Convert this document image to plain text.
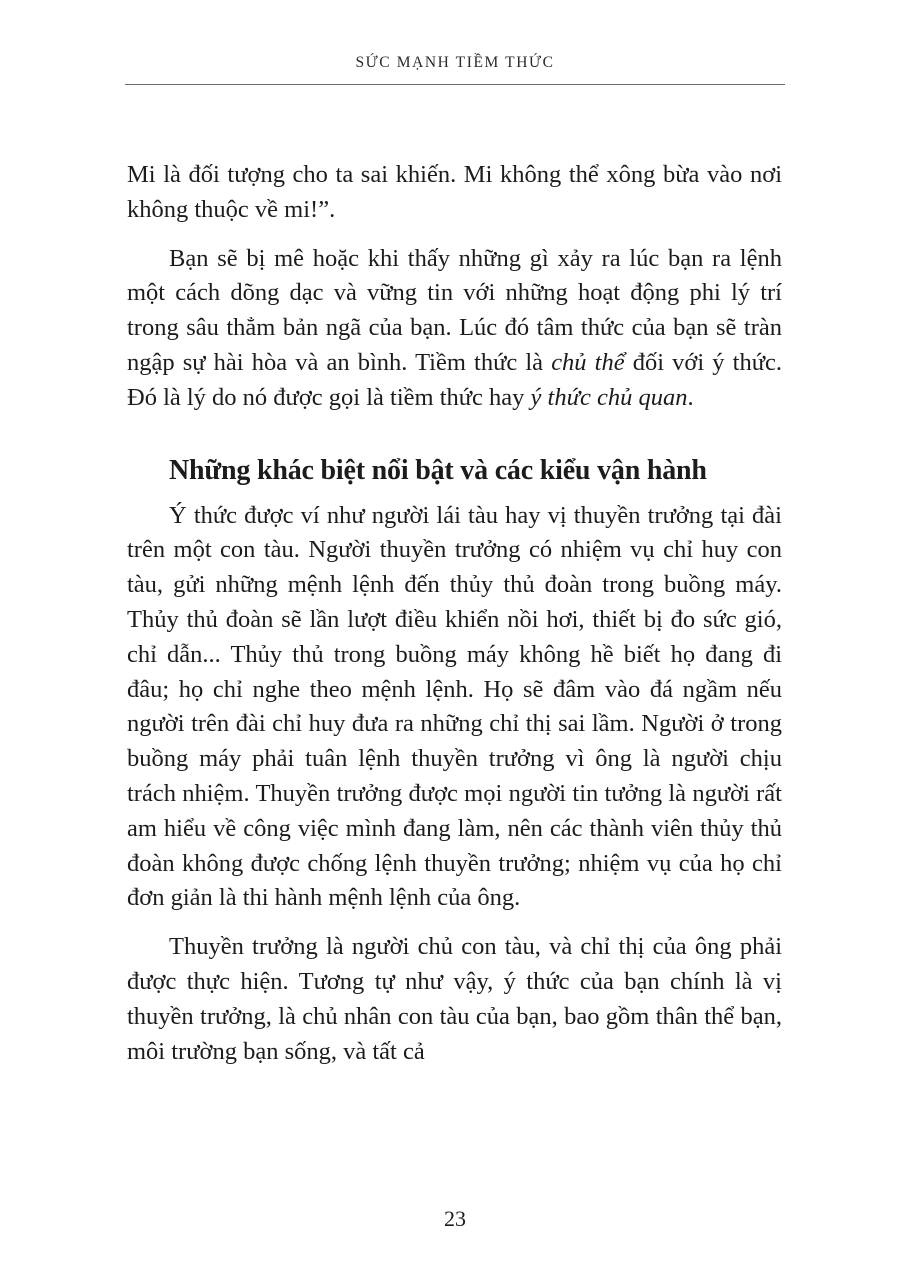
SỨC MẠNH TIỀM THỨC

Mi là đối tượng cho ta sai khiến. Mi không thể xông bừa vào nơi không thuộc về mi!”.

Bạn sẽ bị mê hoặc khi thấy những gì xảy ra lúc bạn ra lệnh một cách dõng dạc và vững tin với những hoạt động phi lý trí trong sâu thẳm bản ngã của bạn. Lúc đó tâm thức của bạn sẽ tràn ngập sự hài hòa và an bình. Tiềm thức là chủ thể đối với ý thức. Đó là lý do nó được gọi là tiềm thức hay ý thức chủ quan.

Những khác biệt nổi bật và các kiểu vận hành

Ý thức được ví như người lái tàu hay vị thuyền trưởng tại đài trên một con tàu. Người thuyền trưởng có nhiệm vụ chỉ huy con tàu, gửi những mệnh lệnh đến thủy thủ đoàn trong buồng máy. Thủy thủ đoàn sẽ lần lượt điều khiển nồi hơi, thiết bị đo sức gió, chỉ dẫn... Thủy thủ trong buồng máy không hề biết họ đang đi đâu; họ chỉ nghe theo mệnh lệnh. Họ sẽ đâm vào đá ngầm nếu người trên đài chỉ huy đưa ra những chỉ thị sai lầm. Người ở trong buồng máy phải tuân lệnh thuyền trưởng vì ông là người chịu trách nhiệm. Thuyền trưởng được mọi người tin tưởng là người rất am hiểu về công việc mình đang làm, nên các thành viên thủy thủ đoàn không được chống lệnh thuyền trưởng; nhiệm vụ của họ chỉ đơn giản là thi hành mệnh lệnh của ông.

Thuyền trưởng là người chủ con tàu, và chỉ thị của ông phải được thực hiện. Tương tự như vậy, ý thức của bạn chính là vị thuyền trưởng, là chủ nhân con tàu của bạn, bao gồm thân thể bạn, môi trường bạn sống, và tất cả

23
